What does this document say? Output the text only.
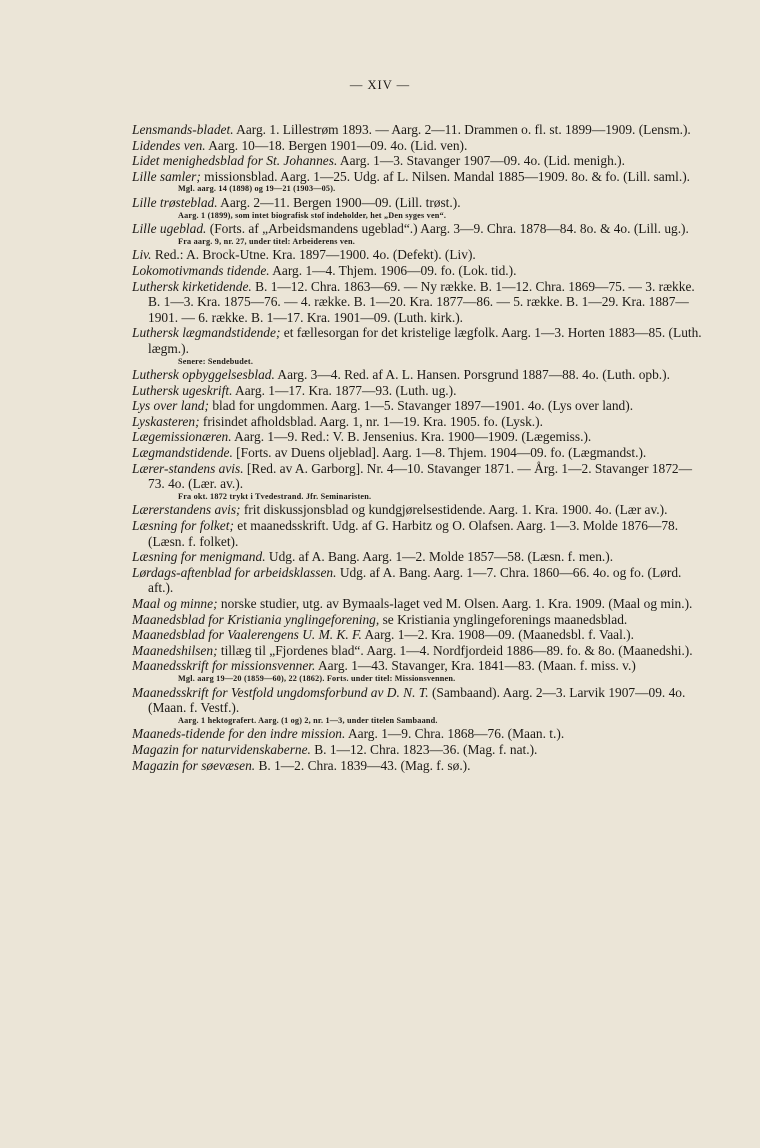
— XIV —
Lensmands-bladet. Aarg. 1. Lillestrøm 1893. — Aarg. 2—11. Drammen o. fl. st. 1899—1909. (Lensm.).
Lidendes ven. Aarg. 10—18. Bergen 1901—09. 4o. (Lid. ven).
Lidet menighedsblad for St. Johannes. Aarg. 1—3. Stavanger 1907—09. 4o. (Lid. menigh.).
Lille samler; missionsblad. Aarg. 1—25. Udg. af L. Nilsen. Mandal 1885—1909. 8o. & fo. (Lill. saml.).
Mgl. aarg. 14 (1898) og 19—21 (1903—05).
Lille trøsteblad. Aarg. 2—11. Bergen 1900—09. (Lill. trøst.).
Aarg. 1 (1899), som intet biografisk stof indeholder, het „Den syges ven“.
Lille ugeblad. (Forts. af „Arbeidsmandens ugeblad“.) Aarg. 3—9. Chra. 1878—84. 8o. & 4o. (Lill. ug.).
Fra aarg. 9, nr. 27, under titel: Arbeiderens ven.
Liv. Red.: A. Brock-Utne. Kra. 1897—1900. 4o. (Defekt). (Liv).
Lokomotivmands tidende. Aarg. 1—4. Thjem. 1906—09. fo. (Lok. tid.).
Luthersk kirketidende. B. 1—12. Chra. 1863—69. — Ny række. B. 1—12. Chra. 1869—75. — 3. række. B. 1—3. Kra. 1875—76. — 4. række. B. 1—20. Kra. 1877—86. — 5. række. B. 1—29. Kra. 1887—1901. — 6. række. B. 1—17. Kra. 1901—09. (Luth. kirk.).
Luthersk lægmandstidende; et fællesorgan for det kristelige lægfolk. Aarg. 1—3. Horten 1883—85. (Luth. lægm.).
Senere: Sendebudet.
Luthersk opbyggelsesblad. Aarg. 3—4. Red. af A. L. Hansen. Porsgrund 1887—88. 4o. (Luth. opb.).
Luthersk ugeskrift. Aarg. 1—17. Kra. 1877—93. (Luth. ug.).
Lys over land; blad for ungdommen. Aarg. 1—5. Stavanger 1897—1901. 4o. (Lys over land).
Lyskasteren; frisindet afholdsblad. Aarg. 1, nr. 1—19. Kra. 1905. fo. (Lysk.).
Lægemissionæren. Aarg. 1—9. Red.: V. B. Jensenius. Kra. 1900—1909. (Lægemiss.).
Lægmandstidende. [Forts. av Duens oljeblad]. Aarg. 1—8. Thjem. 1904—09. fo. (Lægmandst.).
Lærer-standens avis. [Red. av A. Garborg]. Nr. 4—10. Stavanger 1871. — Årg. 1—2. Stavanger 1872—73. 4o. (Lær. av.).
Fra okt. 1872 trykt i Tvedestrand. Jfr. Seminaristen.
Lærerstandens avis; frit diskussjonsblad og kundgjørelsestidende. Aarg. 1. Kra. 1900. 4o. (Lær av.).
Læsning for folket; et maanedsskrift. Udg. af G. Harbitz og O. Olafsen. Aarg. 1—3. Molde 1876—78. (Læsn. f. folket).
Læsning for menigmand. Udg. af A. Bang. Aarg. 1—2. Molde 1857—58. (Læsn. f. men.).
Lørdags-aftenblad for arbeidsklassen. Udg. af A. Bang. Aarg. 1—7. Chra. 1860—66. 4o. og fo. (Lørd. aft.).
Maal og minne; norske studier, utg. av Bymaals-laget ved M. Olsen. Aarg. 1. Kra. 1909. (Maal og min.).
Maanedsblad for Kristiania ynglingeforening, se Kristiania ynglingeforenings maanedsblad.
Maanedsblad for Vaalerengens U. M. K. F. Aarg. 1—2. Kra. 1908—09. (Maanedsbl. f. Vaal.).
Maanedshilsen; tillæg til „Fjordenes blad“. Aarg. 1—4. Nordfjordeid 1886—89. fo. & 8o. (Maanedshi.).
Maanedsskrift for missionsvenner. Aarg. 1—43. Stavanger, Kra. 1841—83. (Maan. f. miss. v.)
Mgl. aarg 19—20 (1859—60), 22 (1862). Forts. under titel: Missionsvennen.
Maanedsskrift for Vestfold ungdomsforbund av D. N. T. (Sambaand). Aarg. 2—3. Larvik 1907—09. 4o. (Maan. f. Vestf.).
Aarg. 1 hektografert. Aarg. (1 og) 2, nr. 1—3, under titelen Sambaand.
Maaneds-tidende for den indre mission. Aarg. 1—9. Chra. 1868—76. (Maan. t.).
Magazin for naturvidenskaberne. B. 1—12. Chra. 1823—36. (Mag. f. nat.).
Magazin for søevæsen. B. 1—2. Chra. 1839—43. (Mag. f. sø.).
